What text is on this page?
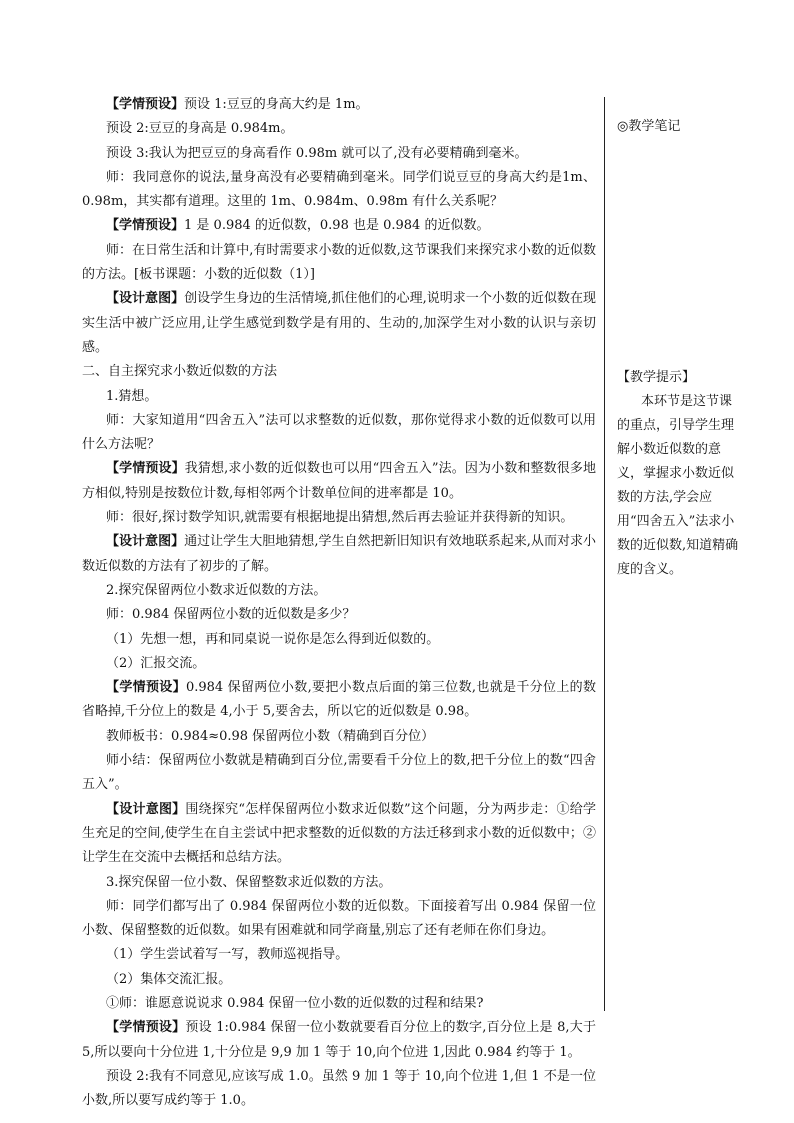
【学情预设】预设 1:豆豆的身高大约是 1m。

预设 2:豆豆的身高是 0.984m。

预设 3:我认为把豆豆的身高看作 0.98m 就可以了,没有必要精确到毫米。

师：我同意你的说法,量身高没有必要精确到毫米。同学们说豆豆的身高大约是1m、0.98m，其实都有道理。这里的 1m、0.984m、0.98m 有什么关系呢？

【学情预设】1 是 0.984 的近似数，0.98 也是 0.984 的近似数。

师：在日常生活和计算中,有时需要求小数的近似数,这节课我们来探究求小数的近似数的方法。[板书课题：小数的近似数（1）]

【设计意图】创设学生身边的生活情境,抓住他们的心理,说明求一个小数的近似数在现实生活中被广泛应用,让学生感觉到数学是有用的、生动的,加深学生对小数的认识与亲切感。

二、自主探究求小数近似数的方法

1.猜想。

师：大家知道用“四舍五入”法可以求整数的近似数，那你觉得求小数的近似数可以用什么方法呢？

【学情预设】我猜想,求小数的近似数也可以用“四舍五入”法。因为小数和整数很多地方相似,特别是按数位计数,每相邻两个计数单位间的进率都是 10。

师：很好,探讨数学知识,就需要有根据地提出猜想,然后再去验证并获得新的知识。

【设计意图】通过让学生大胆地猜想,学生自然把新旧知识有效地联系起来,从而对求小数近似数的方法有了初步的了解。

2.探究保留两位小数求近似数的方法。

师：0.984 保留两位小数的近似数是多少？

（1）先想一想，再和同桌说一说你是怎么得到近似数的。

（2）汇报交流。

【学情预设】0.984 保留两位小数,要把小数点后面的第三位数,也就是千分位上的数省略掉,千分位上的数是 4,小于 5,要舍去，所以它的近似数是 0.98。

教师板书：0.984≈0.98 保留两位小数（精确到百分位）

师小结：保留两位小数就是精确到百分位,需要看千分位上的数,把千分位上的数“四舍五入”。

【设计意图】围绕探究“怎样保留两位小数求近似数”这个问题，分为两步走：①给学生充足的空间,使学生在自主尝试中把求整数的近似数的方法迁移到求小数的近似数中；②让学生在交流中去概括和总结方法。

3.探究保留一位小数、保留整数求近似数的方法。

师：同学们都写出了 0.984 保留两位小数的近似数。下面接着写出 0.984 保留一位小数、保留整数的近似数。如果有困难就和同学商量,别忘了还有老师在你们身边。

（1）学生尝试着写一写，教师巡视指导。

（2）集体交流汇报。

①师：谁愿意说说求 0.984 保留一位小数的近似数的过程和结果?

【学情预设】预设 1:0.984 保留一位小数就要看百分位上的数字,百分位上是 8,大于 5,所以要向十分位进 1,十分位是 9,9 加 1 等于 10,向个位进 1,因此 0.984 约等于 1。

预设 2:我有不同意见,应该写成 1.0。虽然 9 加 1 等于 10,向个位进 1,但 1 不是一位小数,所以要写成约等于 1.0。

◎教学笔记

【教学提示】

本环节是这节课的重点，引导学生理解小数近似数的意义，掌握求小数近似数的方法,学会应用“四舍五入”法求小数的近似数,知道精确度的含义。
